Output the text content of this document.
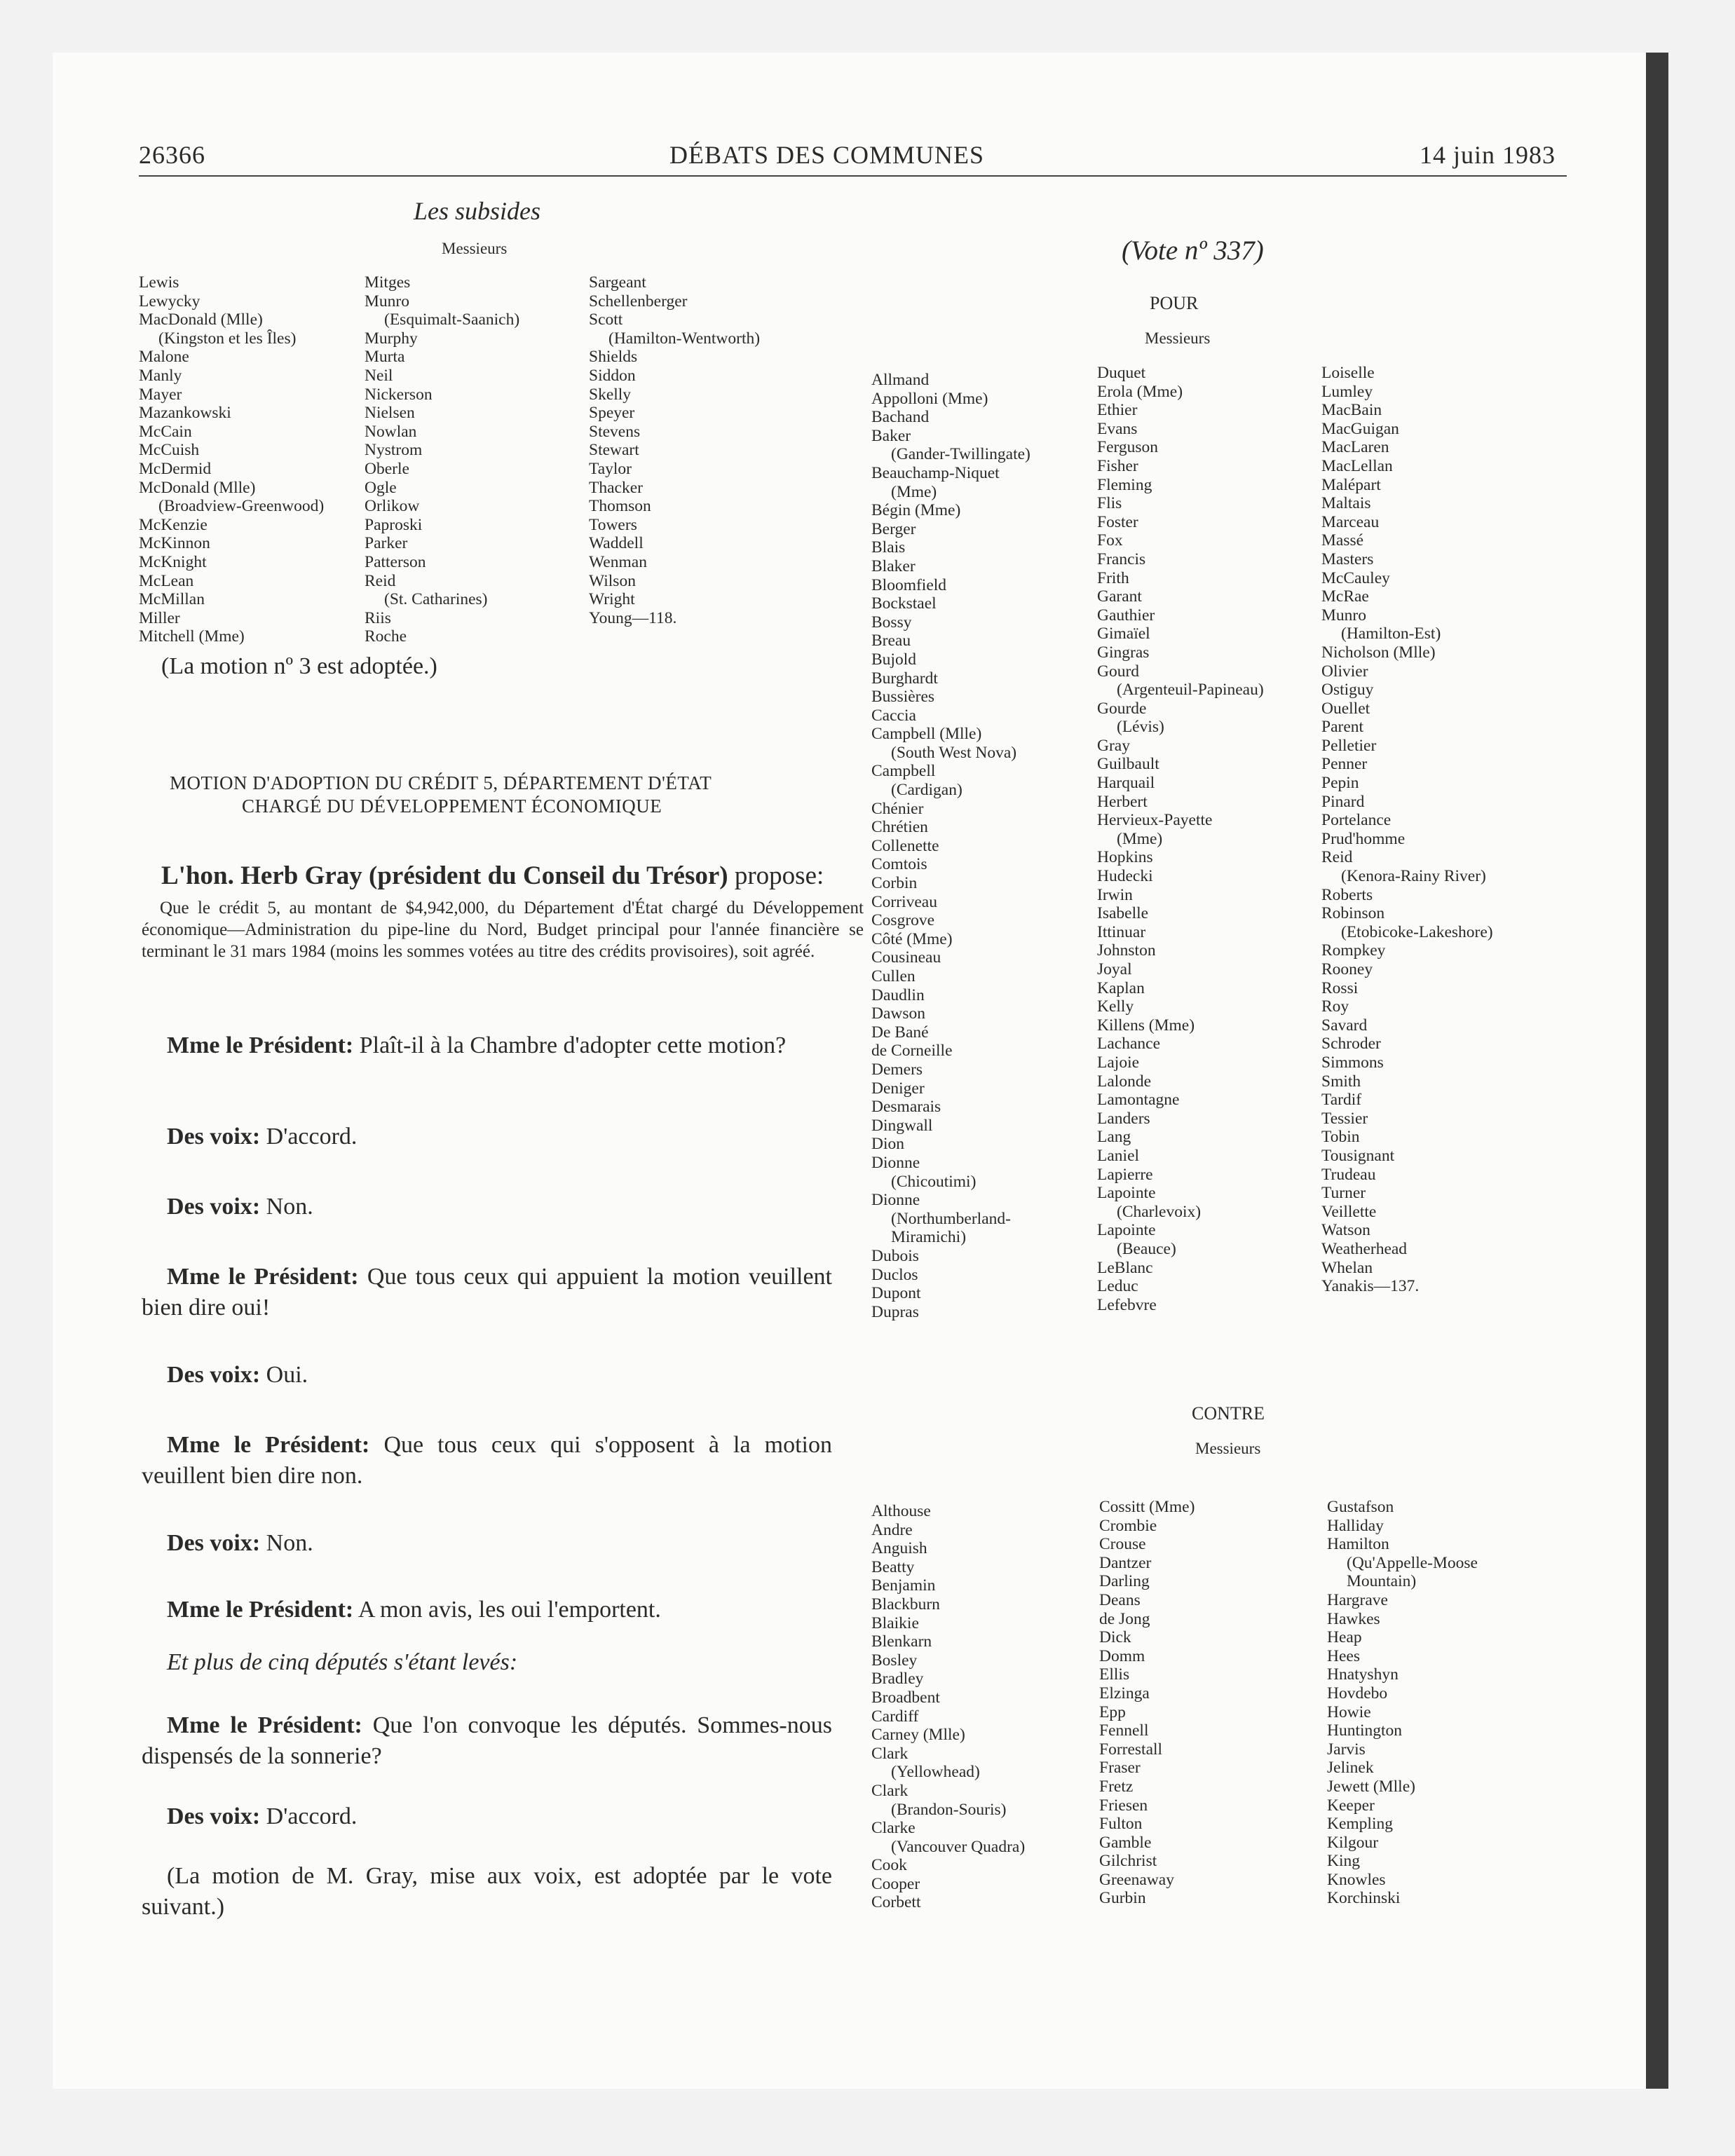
26366	DÉBATS DES COMMUNES	14 juin 1983
Les subsides
Messieurs
Lewis
Lewycky
MacDonald (Mlle)
(Kingston et les Îles)
Malone
Manly
Mayer
Mazankowski
McCain
McCuish
McDermid
McDonald (Mlle)
(Broadview-Greenwood)
McKenzie
McKinnon
McKnight
McLean
McMillan
Miller
Mitchell (Mme)
Mitges
Munro
(Esquimalt-Saanich)
Murphy
Murta
Neil
Nickerson
Nielsen
Nowlan
Nystrom
Oberle
Ogle
Orlikow
Paproski
Parker
Patterson
Reid
(St. Catharines)
Riis
Roche
Sargeant
Schellenberger
Scott
(Hamilton-Wentworth)
Shields
Siddon
Skelly
Speyer
Stevens
Stewart
Taylor
Thacker
Thomson
Towers
Waddell
Wenman
Wilson
Wright
Young—118.
(La motion nº 3 est adoptée.)
MOTION D'ADOPTION DU CRÉDIT 5, DÉPARTEMENT D'ÉTAT
CHARGÉ DU DÉVELOPPEMENT ÉCONOMIQUE
L'hon. Herb Gray (président du Conseil du Trésor) propose:
Que le crédit 5, au montant de $4,942,000, du Département d'État chargé du Développement économique—Administration du pipe-line du Nord, Budget principal pour l'année financière se terminant le 31 mars 1984 (moins les sommes votées au titre des crédits provisoires), soit agréé.
Mme le Président: Plaît-il à la Chambre d'adopter cette motion?
Des voix: D'accord.
Des voix: Non.
Mme le Président: Que tous ceux qui appuient la motion veuillent bien dire oui!
Des voix: Oui.
Mme le Président: Que tous ceux qui s'opposent à la motion veuillent bien dire non.
Des voix: Non.
Mme le Président: A mon avis, les oui l'emportent.
Et plus de cinq députés s'étant levés:
Mme le Président: Que l'on convoque les députés. Sommes-nous dispensés de la sonnerie?
Des voix: D'accord.
(La motion de M. Gray, mise aux voix, est adoptée par le vote suivant.)
(Vote nº 337)
POUR
Messieurs
Allmand
Appolloni (Mme)
Bachand
Baker
(Gander-Twillingate)
Beauchamp-Niquet
(Mme)
Bégin (Mme)
Berger
Blais
Blaker
Bloomfield
Bockstael
Bossy
Breau
Bujold
Burghardt
Bussières
Caccia
Campbell (Mlle)
(South West Nova)
Campbell
(Cardigan)
Chénier
Chrétien
Collenette
Comtois
Corbin
Corriveau
Cosgrove
Côté (Mme)
Cousineau
Cullen
Daudlin
Dawson
De Bané
de Corneille
Demers
Deniger
Desmarais
Dingwall
Dion
Dionne
(Chicoutimi)
Dionne
(Northumberland-
Miramichi)
Dubois
Duclos
Dupont
Dupras
Duquet
Erola (Mme)
Ethier
Evans
Ferguson
Fisher
Fleming
Flis
Foster
Fox
Francis
Frith
Garant
Gauthier
Gimaïel
Gingras
Gourd
(Argenteuil-Papineau)
Gourde
(Lévis)
Gray
Guilbault
Harquail
Herbert
Hervieux-Payette
(Mme)
Hopkins
Hudecki
Irwin
Isabelle
Ittinuar
Johnston
Joyal
Kaplan
Kelly
Killens (Mme)
Lachance
Lajoie
Lalonde
Lamontagne
Landers
Lang
Laniel
Lapierre
Lapointe
(Charlevoix)
Lapointe
(Beauce)
LeBlanc
Leduc
Lefebvre
Loiselle
Lumley
MacBain
MacGuigan
MacLaren
MacLellan
Malépart
Maltais
Marceau
Massé
Masters
McCauley
McRae
Munro
(Hamilton-Est)
Nicholson (Mlle)
Olivier
Ostiguy
Ouellet
Parent
Pelletier
Penner
Pepin
Pinard
Portelance
Prud'homme
Reid
(Kenora-Rainy River)
Roberts
Robinson
(Etobicoke-Lakeshore)
Rompkey
Rooney
Rossi
Roy
Savard
Schroder
Simmons
Smith
Tardif
Tessier
Tobin
Tousignant
Trudeau
Turner
Veillette
Watson
Weatherhead
Whelan
Yanakis—137.
CONTRE
Messieurs
Althouse
Andre
Anguish
Beatty
Benjamin
Blackburn
Blaikie
Blenkarn
Bosley
Bradley
Broadbent
Cardiff
Carney (Mlle)
Clark
(Yellowhead)
Clark
(Brandon-Souris)
Clarke
(Vancouver Quadra)
Cook
Cooper
Corbett
Cossitt (Mme)
Crombie
Crouse
Dantzer
Darling
Deans
de Jong
Dick
Domm
Ellis
Elzinga
Epp
Fennell
Forrestall
Fraser
Fretz
Friesen
Fulton
Gamble
Gilchrist
Greenaway
Gurbin
Gustafson
Halliday
Hamilton
(Qu'Appelle-Moose
Mountain)
Hargrave
Hawkes
Heap
Hees
Hnatyshyn
Hovdebo
Howie
Huntington
Jarvis
Jelinek
Jewett (Mlle)
Keeper
Kempling
Kilgour
King
Knowles
Korchinski
